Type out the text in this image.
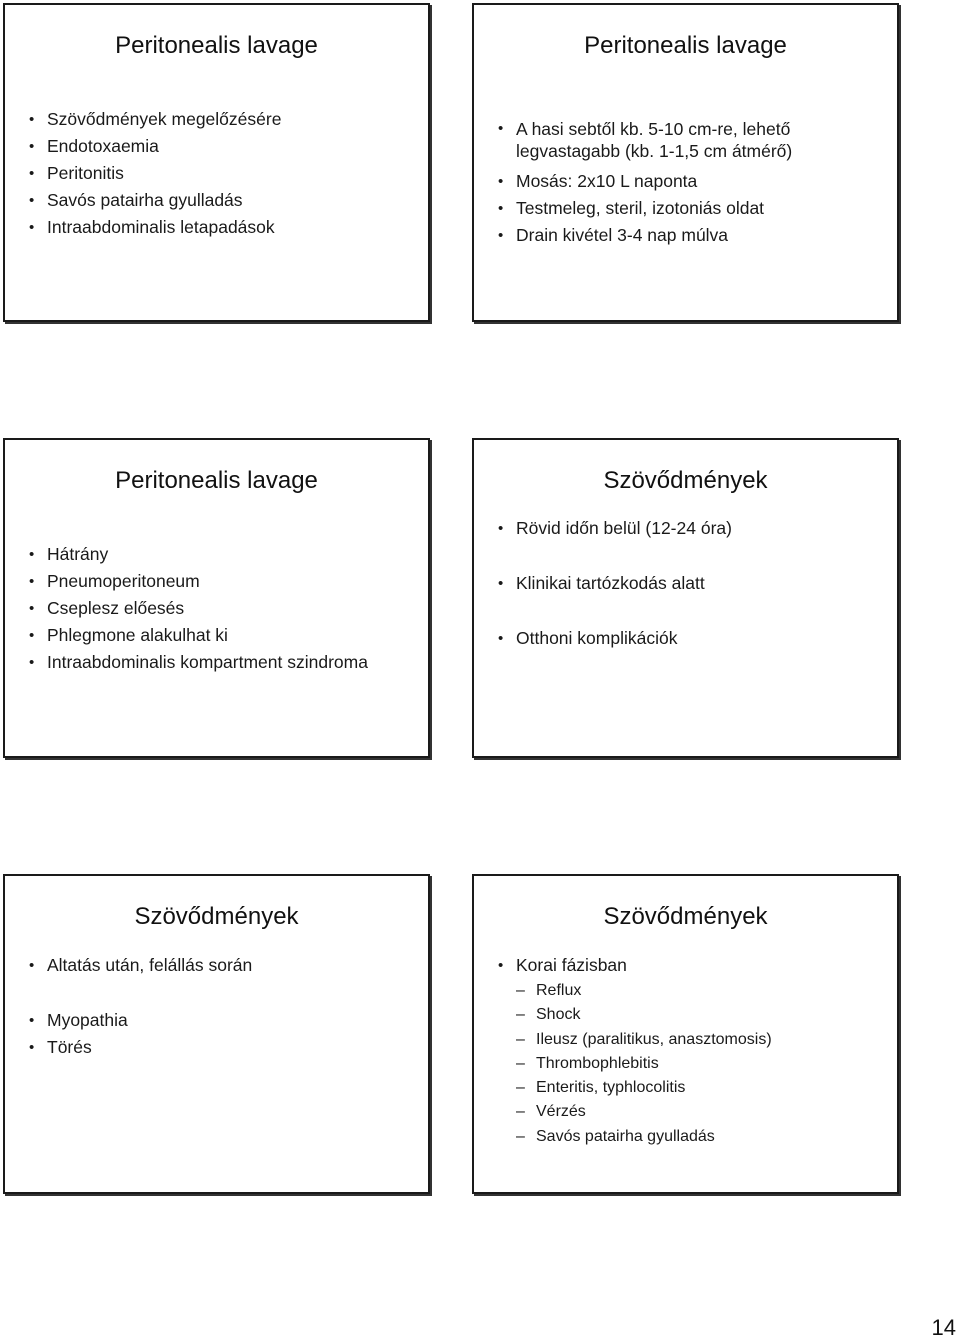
Peritonealis lavage
• Szövődmények megelőzésére
• Endotoxaemia
• Peritonitis
• Savós patairha gyulladás
• Intraabdominalis letapadások
Peritonealis lavage
• A hasi sebtől kb. 5-10 cm-re, lehető legvastagabb (kb. 1-1,5 cm átmérő)
• Mosás: 2x10 L naponta
• Testmeleg, steril, izotoniás oldat
• Drain kivétel 3-4 nap múlva
Peritonealis lavage
• Hátrány
• Pneumoperitoneum
• Cseplesz előesés
• Phlegmone alakulhat ki
• Intraabdominalis kompartment szindroma
Szövődmények
• Rövid időn belül (12-24 óra)
• Klinikai tartózkodás alatt
• Otthoni komplikációk
Szövődmények
• Altatás után, felállás során
• Myopathia
• Törés
Szövődmények
• Korai fázisban
– Reflux
– Shock
– Ileusz (paralitikus, anasztomosis)
– Thrombophlebitis
– Enteritis, typhlocolitis
– Vérzés
– Savós patairha gyulladás
14
